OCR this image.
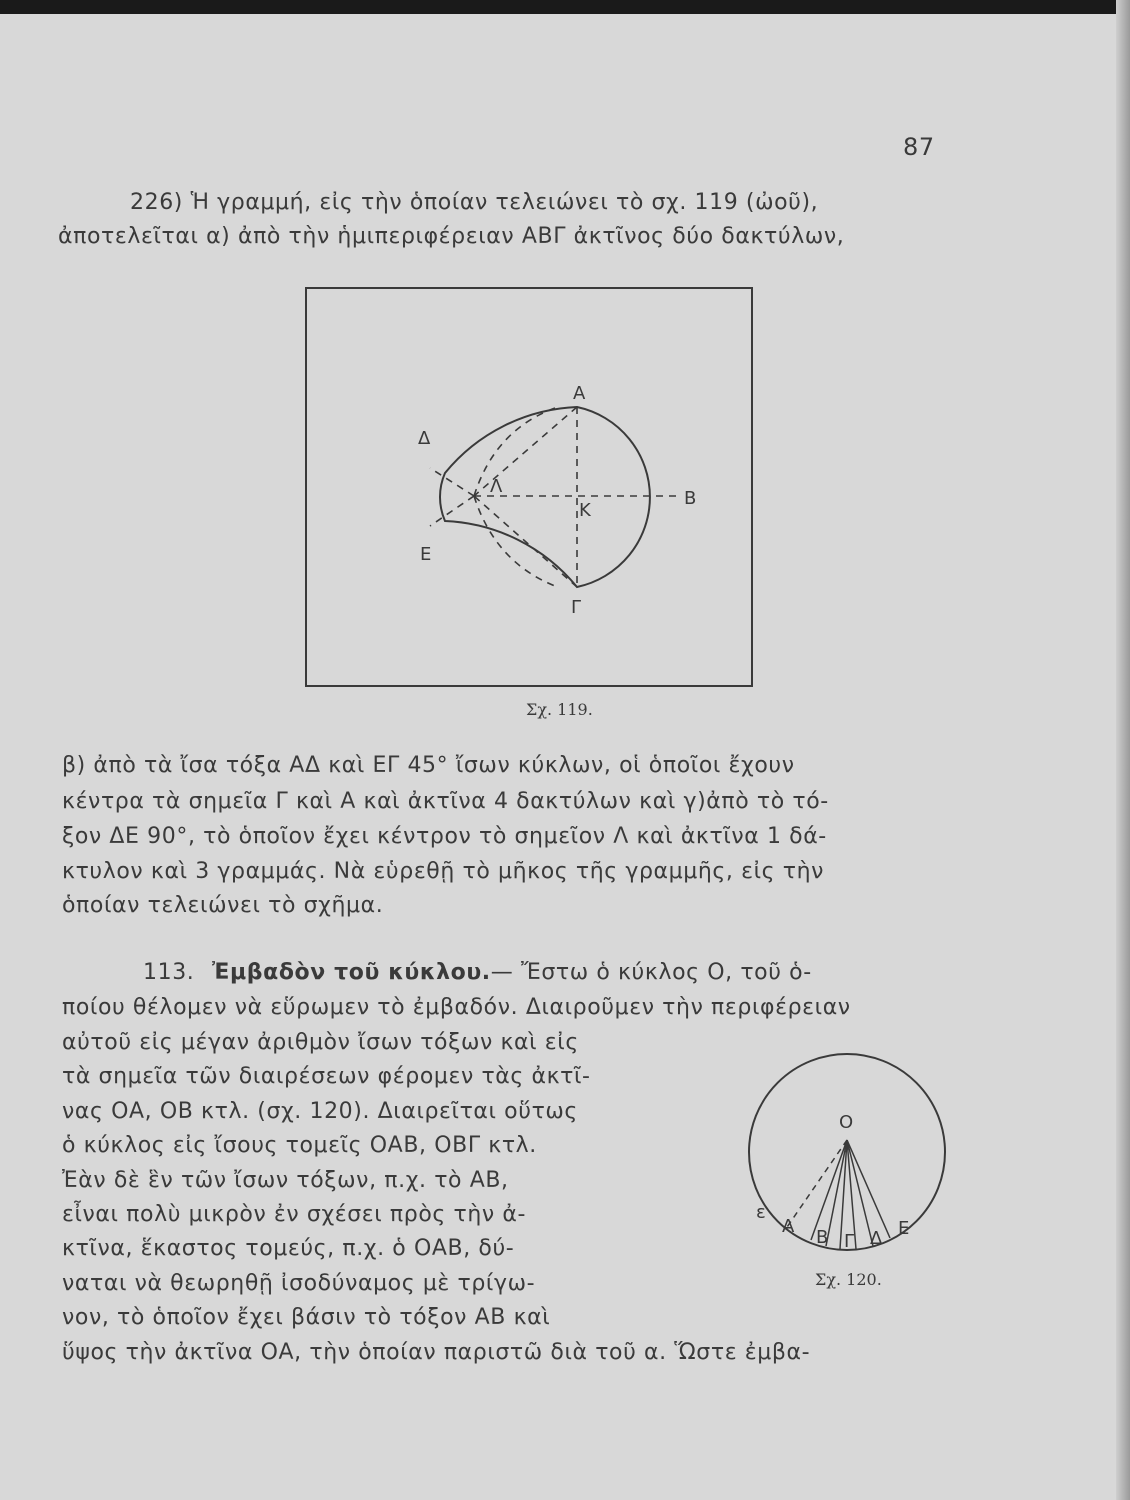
87
226) Ἡ γραμμή, εἰς τὴν ὁποίαν τελειώνει τὸ σχ. 119 (ὠοῦ),
ἀποτελεῖται α) ἀπὸ τὴν ἡμιπεριφέρειαν ΑΒΓ ἀκτῖνος δύο δακτύλων,
Α
Β
Γ
Δ
Ε
Κ
Λ
Σχ. 119.
β) ἀπὸ τὰ ἴσα τόξα ΑΔ καὶ ΕΓ 45° ἴσων κύκλων, οἱ ὁποῖοι ἔχουν
κέντρα τὰ σημεῖα Γ καὶ Α καὶ ἀκτῖνα 4 δακτύλων καὶ γ)ἀπὸ τὸ τό-
ξον ΔΕ 90°, τὸ ὁποῖον ἔχει κέντρον τὸ σημεῖον Λ καὶ ἀκτῖνα 1 δά-
κτυλον καὶ 3 γραμμάς. Νὰ εὑρεθῇ τὸ μῆκος τῆς γραμμῆς, εἰς τὴν
ὁποίαν τελειώνει τὸ σχῆμα.
113. Ἐμβαδὸν τοῦ κύκλου.— Ἔστω ὁ κύκλος Ο, τοῦ ὁ-
ποίου θέλομεν νὰ εὕρωμεν τὸ ἐμβαδόν. Διαιροῦμεν τὴν περιφέρειαν
αὐτοῦ εἰς μέγαν ἀριθμὸν ἴσων τόξων καὶ εἰς
τὰ σημεῖα τῶν διαιρέσεων φέρομεν τὰς ἀκτῖ-
νας ΟΑ, ΟΒ κτλ. (σχ. 120). Διαιρεῖται οὕτως
ὁ κύκλος εἰς ἴσους τομεῖς ΟΑΒ, ΟΒΓ κτλ.
Ἐὰν δὲ ἓν τῶν ἴσων τόξων, π.χ. τὸ ΑΒ,
εἶναι πολὺ μικρὸν ἐν σχέσει πρὸς τὴν ἀ-
κτῖνα, ἕκαστος τομεύς, π.χ. ὁ ΟΑΒ, δύ-
ναται νὰ θεωρηθῇ ἰσοδύναμος μὲ τρίγω-
νον, τὸ ὁποῖον ἔχει βάσιν τὸ τόξον ΑΒ καὶ
ὕψος τὴν ἀκτῖνα ΟΑ, τὴν ὁποίαν παριστῶ διὰ τοῦ α. Ὥστε ἐμβα-
Ο
ε
Α
Β Γ Δ Ε
Σχ. 120.
